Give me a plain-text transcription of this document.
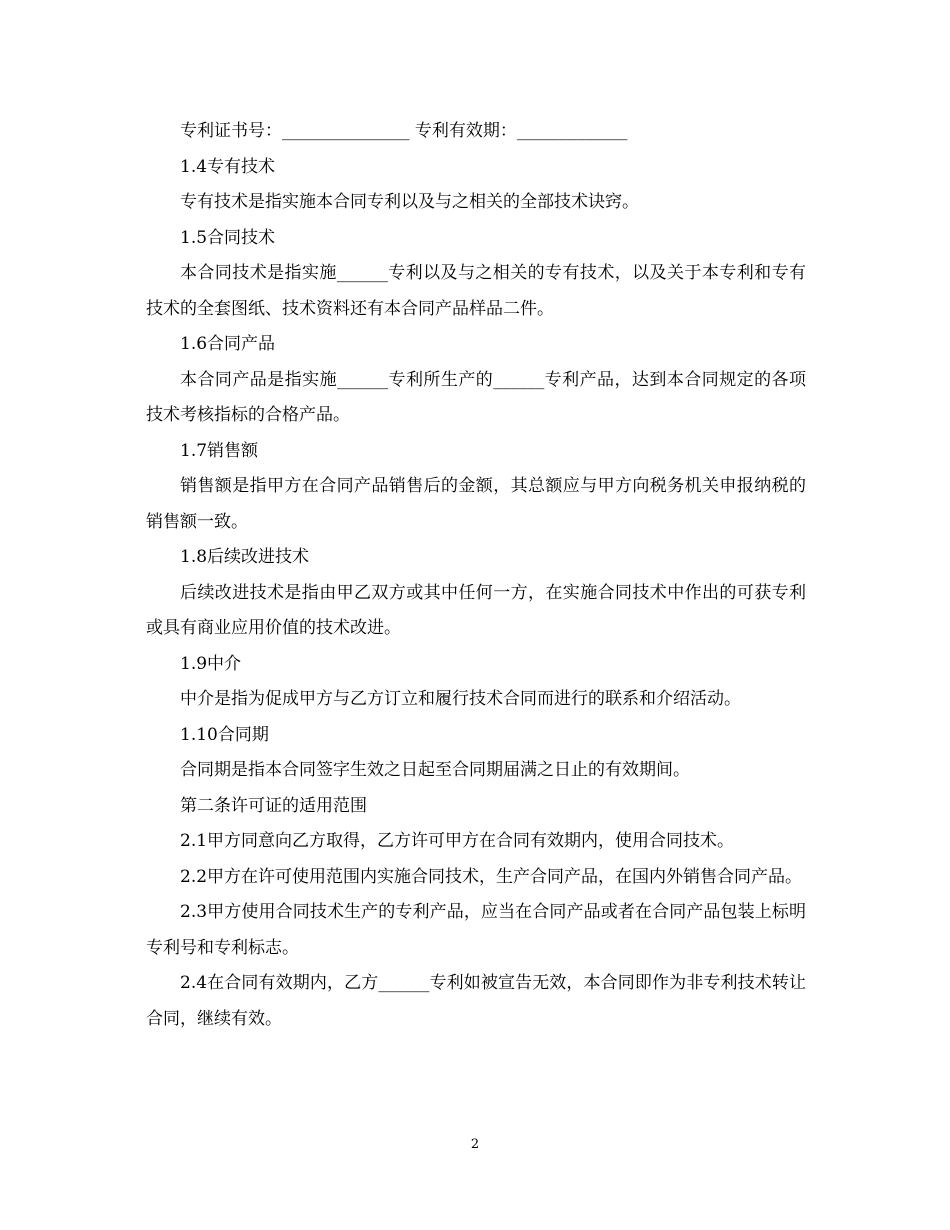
专利证书号：_______________ 专利有效期：_____________

1.4专有技术

专有技术是指实施本合同专利以及与之相关的全部技术诀窍。

1.5合同技术

本合同技术是指实施______专利以及与之相关的专有技术，以及关于本专利和专有技术的全套图纸、技术资料还有本合同产品样品二件。

1.6合同产品

本合同产品是指实施______专利所生产的______专利产品，达到本合同规定的各项技术考核指标的合格产品。

1.7销售额

销售额是指甲方在合同产品销售后的金额，其总额应与甲方向税务机关申报纳税的销售额一致。

1.8后续改进技术

后续改进技术是指由甲乙双方或其中任何一方，在实施合同技术中作出的可获专利或具有商业应用价值的技术改进。

1.9中介

中介是指为促成甲方与乙方订立和履行技术合同而进行的联系和介绍活动。

1.10合同期

合同期是指本合同签字生效之日起至合同期届满之日止的有效期间。

第二条许可证的适用范围

2.1甲方同意向乙方取得，乙方许可甲方在合同有效期内，使用合同技术。

2.2甲方在许可使用范围内实施合同技术，生产合同产品，在国内外销售合同产品。

2.3甲方使用合同技术生产的专利产品，应当在合同产品或者在合同产品包装上标明专利号和专利标志。

2.4在合同有效期内，乙方______专利如被宣告无效，本合同即作为非专利技术转让合同，继续有效。

2
